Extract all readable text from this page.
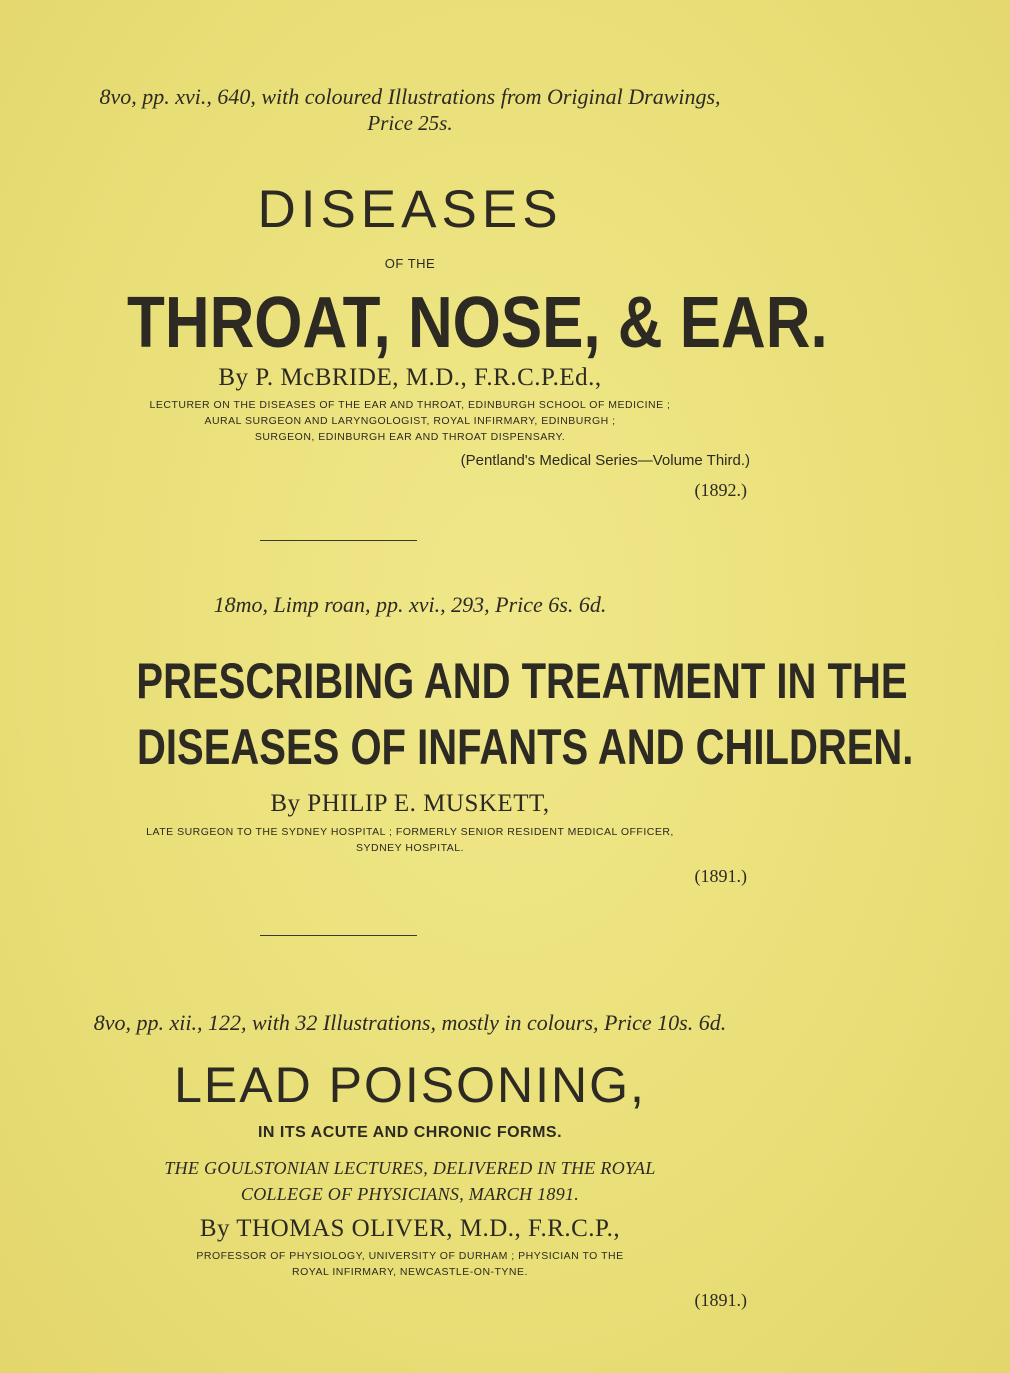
8vo, pp. xvi., 640, with coloured Illustrations from Original Drawings,
Price 25s.
DISEASES
OF THE
THROAT, NOSE, & EAR.
By P. McBRIDE, M.D., F.R.C.P.Ed.,
LECTURER ON THE DISEASES OF THE EAR AND THROAT, EDINBURGH SCHOOL OF MEDICINE ;
AURAL SURGEON AND LARYNGOLOGIST, ROYAL INFIRMARY, EDINBURGH ;
SURGEON, EDINBURGH EAR AND THROAT DISPENSARY.
(Pentland's Medical Series—Volume Third.)
(1892.)
18mo, Limp roan, pp. xvi., 293, Price 6s. 6d.
PRESCRIBING AND TREATMENT IN THE
DISEASES OF INFANTS AND CHILDREN.
By PHILIP E. MUSKETT,
LATE SURGEON TO THE SYDNEY HOSPITAL ; FORMERLY SENIOR RESIDENT MEDICAL OFFICER,
SYDNEY HOSPITAL.
(1891.)
8vo, pp. xii., 122, with 32 Illustrations, mostly in colours, Price 10s. 6d.
LEAD POISONING,
IN ITS ACUTE AND CHRONIC FORMS.
THE GOULSTONIAN LECTURES, DELIVERED IN THE ROYAL
COLLEGE OF PHYSICIANS, MARCH 1891.
By THOMAS OLIVER, M.D., F.R.C.P.,
PROFESSOR OF PHYSIOLOGY, UNIVERSITY OF DURHAM ; PHYSICIAN TO THE
ROYAL INFIRMARY, NEWCASTLE-ON-TYNE.
(1891.)
